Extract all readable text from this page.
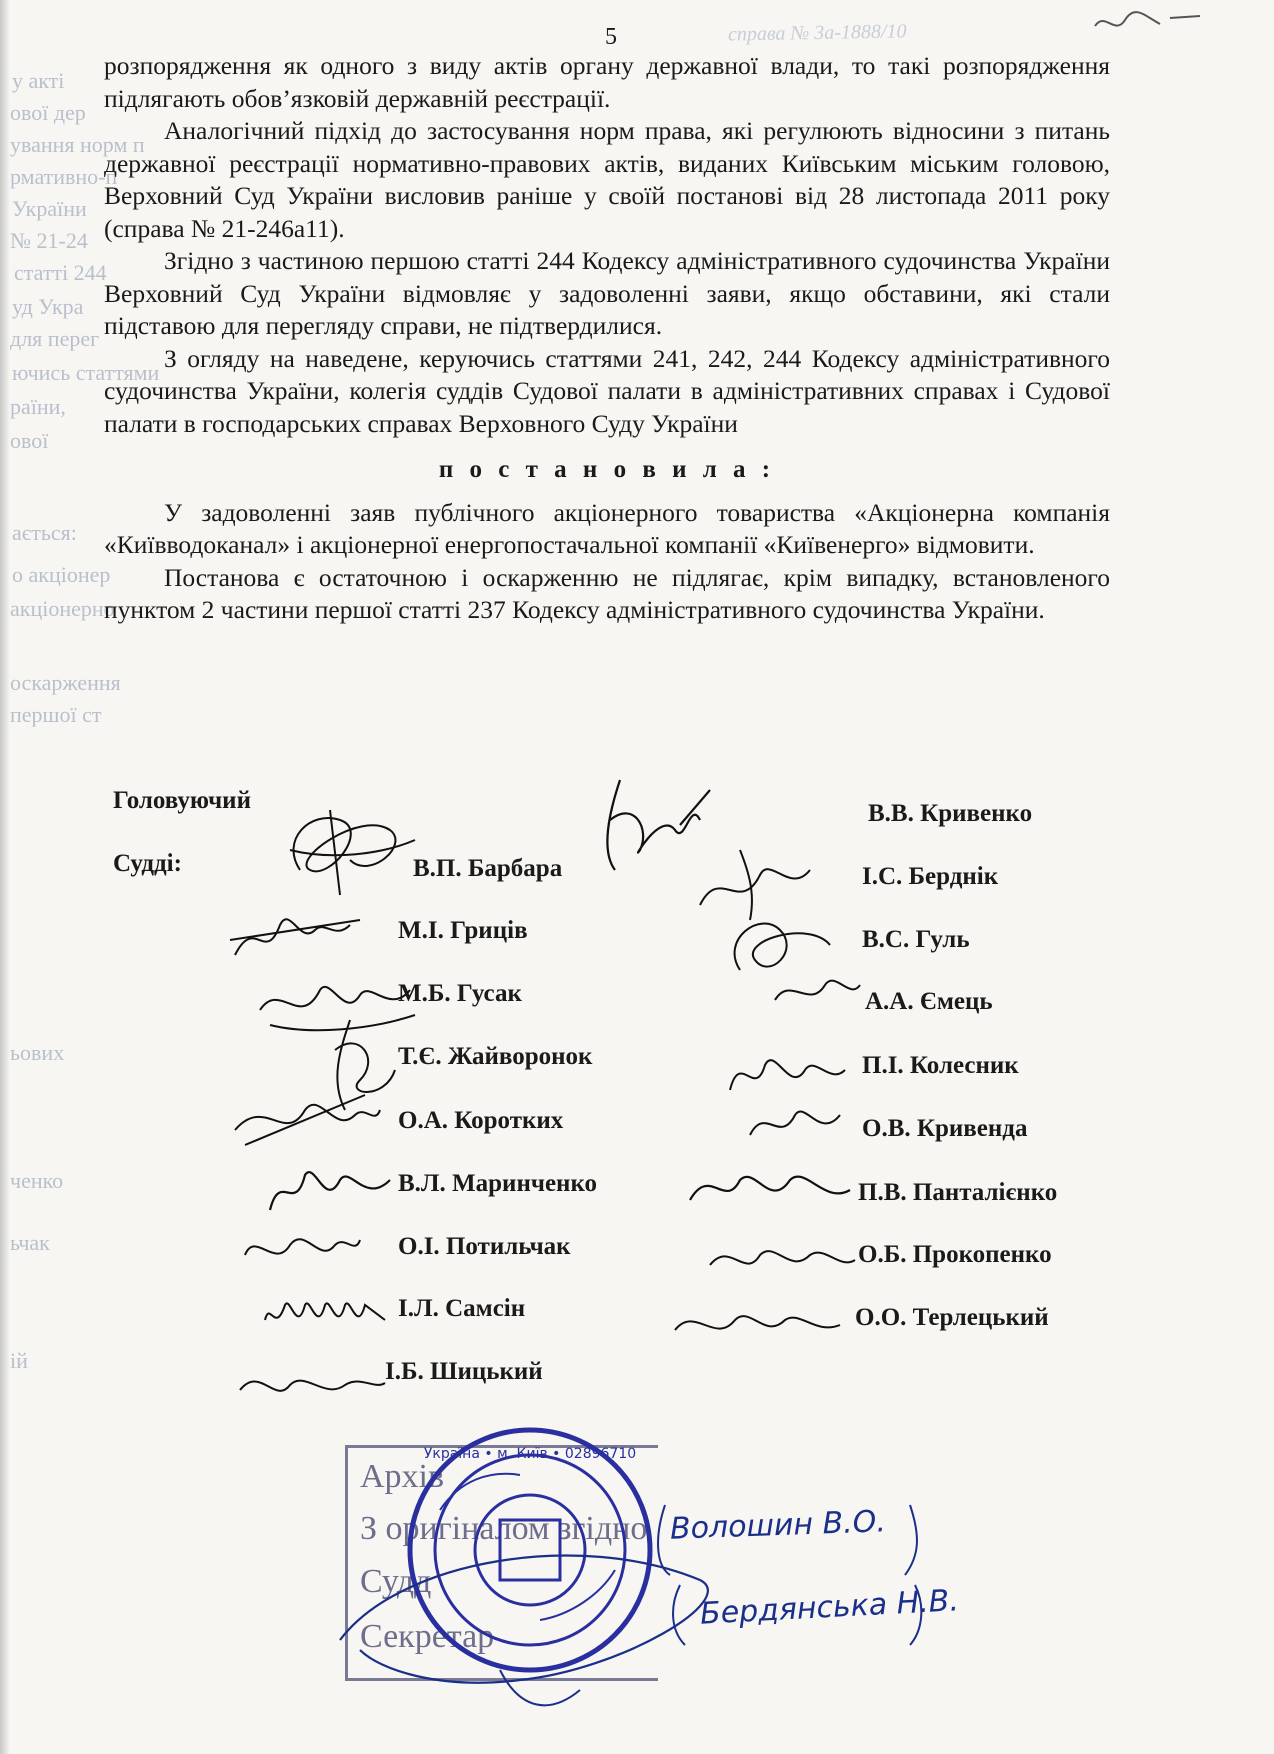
у акті
ової дер
ування норм п
рмативно-п
України
№ 21-24
статті 244
уд Укра
для перег
ючись статтями
раїни,
ової
ається:
о акціонер
акціонерно
оскарження
першої ст
ьових
ченко
ьчак
ій
5	справа № 3а-1888/10

розпорядження як одного з виду актів органу державної влади, то такі розпорядження підлягають обов’язковій державній реєстрації.

Аналогічний підхід до застосування норм права, які регулюють відносини з питань державної реєстрації нормативно-правових актів, виданих Київським міським головою, Верховний Суд України висловив раніше у своїй постанові від 28 листопада 2011 року (справа № 21-246а11).

Згідно з частиною першою статті 244 Кодексу адміністративного судочинства України Верховний Суд України відмовляє у задоволенні заяви, якщо обставини, які стали підставою для перегляду справи, не підтвердилися.

З огляду на наведене, керуючись статтями 241, 242, 244 Кодексу адміністративного судочинства України, колегія суддів Судової палати в адміністративних справах і Судової палати в господарських справах Верховного Суду України

п о с т а н о в и л а :

У задоволенні заяв публічного акціонерного товариства «Акціонерна компанія «Київводоканал» і акціонерної енергопостачальної компанії «Київенерго» відмовити.

Постанова є остаточною і оскарженню не підлягає, крім випадку, встановленого пунктом 2 частини першої статті 237 Кодексу адміністративного судочинства України.

Головуючий
Судді:
В.В. Кривенко
В.П. Барбара
М.І. Гриців
М.Б. Гусак
Т.Є. Жайворонок
О.А. Коротких
В.Л. Маринченко
О.І. Потильчак
І.Л. Самсін
І.Б. Шицький
І.С. Берднік
В.С. Гуль
А.А. Ємець
П.І. Колесник
О.В. Кривенда
П.В. Панталієнко
О.Б. Прокопенко
О.О. Терлецький
Архів
З оригіналом згідно
Судд
Секретар
Україна • м. Київ • 02896710
Волошин В.О.
Бердянська Н.В.
